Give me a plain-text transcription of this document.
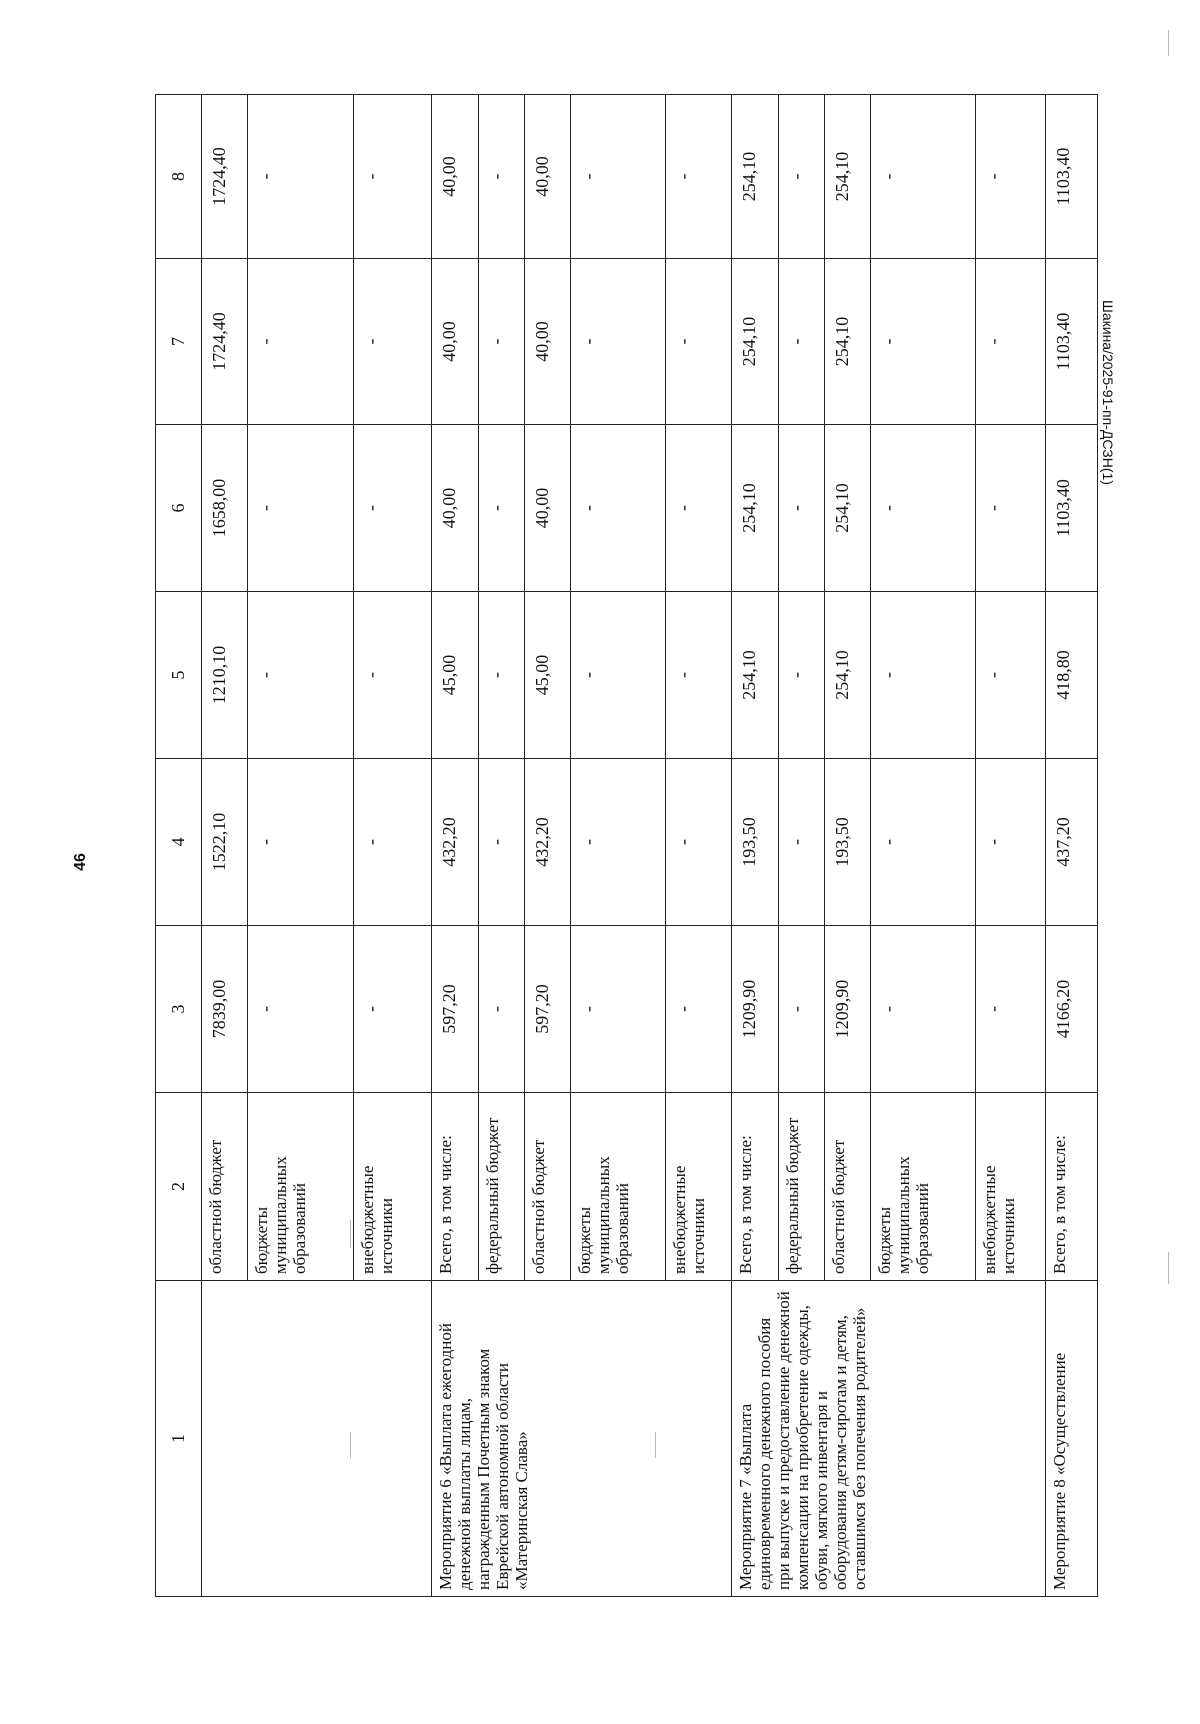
46
Шакина/2025-91-пп-ДСЗН(1)
1	2	3	4	5	6	7	8
	областной бюджет	7839,00	1522,10	1210,10	1658,00	1724,40	1724,40
	бюджеты муниципальных образований	-	-	-	-	-	-
	внебюджетные источники	-	-	-	-	-	-
Мероприятие 6 «Выплата ежегодной денежной выплаты лицам, награжденным Почетным знаком Еврейской автономной области «Материнская Слава»	Всего, в том числе:	597,20	432,20	45,00	40,00	40,00	40,00
	федеральный бюджет	-	-	-	-	-	-
	областной бюджет	597,20	432,20	45,00	40,00	40,00	40,00
	бюджеты муниципальных образований	-	-	-	-	-	-
	внебюджетные источники	-	-	-	-	-	-
Мероприятие 7 «Выплата единовременного денежного пособия при выпуске и предоставление денежной компенсации на приобретение одежды, обуви, мягкого инвентаря и оборудования детям-сиротам и детям, оставшимся без попечения родителей»	Всего, в том числе:	1209,90	193,50	254,10	254,10	254,10	254,10
	федеральный бюджет	-	-	-	-	-	-
	областной бюджет	1209,90	193,50	254,10	254,10	254,10	254,10
	бюджеты муниципальных образований	-	-	-	-	-	-
	внебюджетные источники	-	-	-	-	-	-
Мероприятие 8 «Осуществление	Всего, в том числе:	4166,20	437,20	418,80	1103,40	1103,40	1103,40
